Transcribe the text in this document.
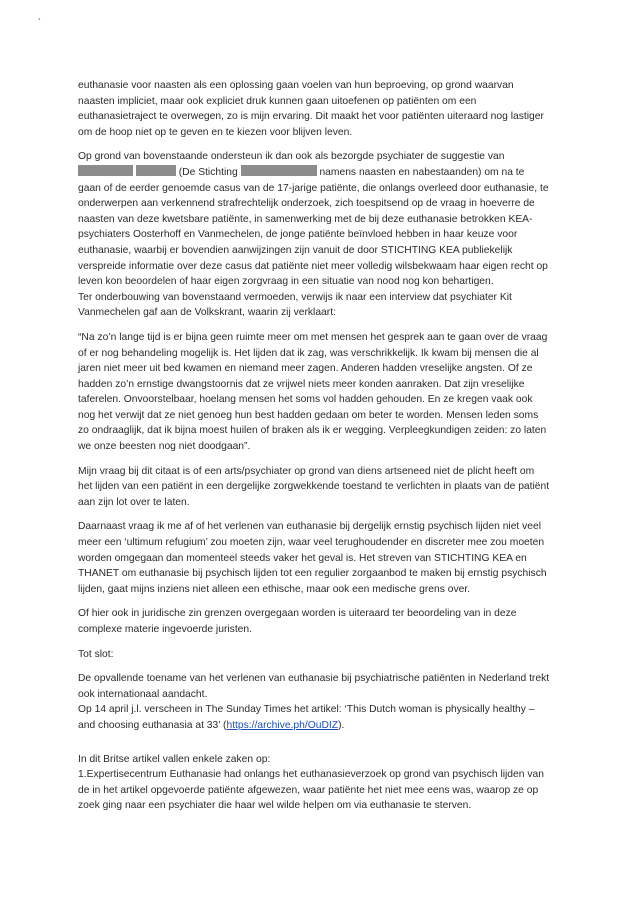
ˎ

euthanasie voor naasten als een oplossing gaan voelen van hun beproeving, op grond waarvan naasten impliciet, maar ook expliciet druk kunnen gaan uitoefenen op patiënten om een euthanasietraject te overwegen, zo is mijn ervaring. Dit maakt het voor patiënten uiteraard nog lastiger om de hoop niet op te geven en te kiezen voor blijven leven.

Op grond van bovenstaande ondersteun ik dan ook als bezorgde psychiater de suggestie van   (De Stichting	namens naasten en nabestaanden) om na te gaan of de eerder genoemde casus van de 17-jarige patiënte, die onlangs overleed door euthanasie, te onderwerpen aan verkennend strafrechtelijk onderzoek, zich toespitsend op de vraag in hoeverre de naasten van deze kwetsbare patiënte, in samenwerking met de bij deze euthanasie betrokken KEA-psychiaters Oosterhoff en Vanmechelen, de jonge patiënte beïnvloed hebben in haar keuze voor euthanasie, waarbij er bovendien aanwijzingen zijn vanuit de door STICHTING KEA publiekelijk verspreide informatie over deze casus dat patiënte niet meer volledig wilsbekwaam haar eigen recht op leven kon beoordelen of haar eigen zorgvraag in een situatie van nood nog kon behartigen.

Ter onderbouwing van bovenstaand vermoeden, verwijs ik naar een interview dat psychiater Kit Vanmechelen gaf aan de Volkskrant, waarin zij verklaart:

“Na zo’n lange tijd is er bijna geen ruimte meer om met mensen het gesprek aan te gaan over de vraag of er nog behandeling mogelijk is. Het lijden dat ik zag, was verschrikkelijk. Ik kwam bij mensen die al jaren niet meer uit bed kwamen en niemand meer zagen. Anderen hadden vreselijke angsten. Of ze hadden zo’n ernstige dwangstoornis dat ze vrijwel niets meer konden aanraken. Dat zijn vreselijke taferelen. Onvoorstelbaar, hoelang mensen het soms vol hadden gehouden. En ze kregen vaak ook nog het verwijt dat ze niet genoeg hun best hadden gedaan om beter te worden. Mensen leden soms zo ondraaglijk, dat ik bijna moest huilen of braken als ik er wegging. Verpleegkundigen zeiden: zo laten we onze beesten nog niet doodgaan”.

Mijn vraag bij dit citaat is of een arts/psychiater op grond van diens artseneed niet de plicht heeft om het lijden van een patiënt in een dergelijke zorgwekkende toestand te verlichten in plaats van de patiënt aan zijn lot over te laten.

Daarnaast vraag ik me af of het verlenen van euthanasie bij dergelijk ernstig psychisch lijden niet veel meer een ‘ultimum refugium’ zou moeten zijn, waar veel terughoudender en discreter mee zou moeten worden omgegaan dan momenteel steeds vaker het geval is. Het streven van STICHTING KEA en THANET om euthanasie bij psychisch lijden tot een regulier zorgaanbod te maken bij ernstig psychisch lijden, gaat mijns inziens niet alleen een ethische, maar ook een medische grens over.

Of hier ook in juridische zin grenzen overgegaan worden is uiteraard ter beoordeling van in deze complexe materie ingevoerde juristen.

Tot slot:

De opvallende toename van het verlenen van euthanasie bij psychiatrische patiënten in Nederland trekt ook internationaal aandacht.

Op 14 april j.l. verscheen in The Sunday Times het artikel: ‘This Dutch woman is physically healthy – and choosing euthanasia at 33’ (https://archive.ph/OuDIZ).

In dit Britse artikel vallen enkele zaken op:

1.Expertisecentrum Euthanasie had onlangs het euthanasieverzoek op grond van psychisch lijden van de in het artikel opgevoerde patiënte afgewezen, waar patiënte het niet mee eens was, waarop ze op zoek ging naar een psychiater die haar wel wilde helpen om via euthanasie te sterven.
